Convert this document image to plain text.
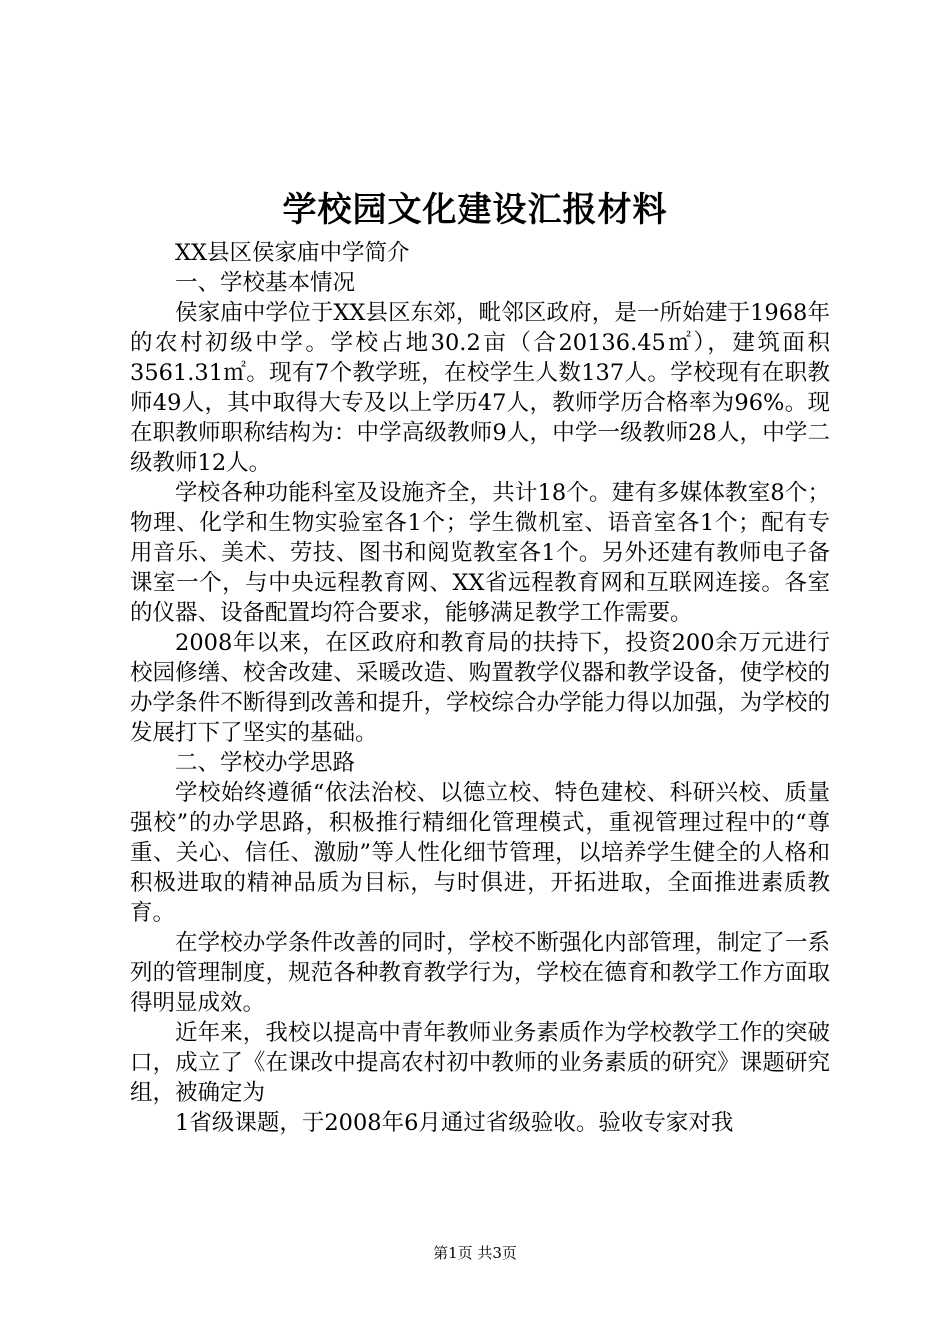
学校园文化建设汇报材料

XX县区侯家庙中学简介

一、学校基本情况

侯家庙中学位于XX县区东郊，毗邻区政府，是一所始建于1968年的农村初级中学。学校占地30.2亩（合20136.45㎡），建筑面积3561.31㎡。现有7个教学班，在校学生人数137人。学校现有在职教师49人，其中取得大专及以上学历47人，教师学历合格率为96%。现在职教师职称结构为：中学高级教师9人，中学一级教师28人，中学二级教师12人。

学校各种功能科室及设施齐全，共计18个。建有多媒体教室8个；物理、化学和生物实验室各1个；学生微机室、语音室各1个；配有专用音乐、美术、劳技、图书和阅览教室各1个。另外还建有教师电子备课室一个，与中央远程教育网、XX省远程教育网和互联网连接。各室的仪器、设备配置均符合要求，能够满足教学工作需要。

2008年以来，在区政府和教育局的扶持下，投资200余万元进行校园修缮、校舍改建、采暖改造、购置教学仪器和教学设备，使学校的办学条件不断得到改善和提升，学校综合办学能力得以加强，为学校的发展打下了坚实的基础。

二、学校办学思路

学校始终遵循“依法治校、以德立校、特色建校、科研兴校、质量强校”的办学思路，积极推行精细化管理模式，重视管理过程中的“尊重、关心、信任、激励”等人性化细节管理，以培养学生健全的人格和积极进取的精神品质为目标，与时俱进，开拓进取，全面推进素质教育。

在学校办学条件改善的同时，学校不断强化内部管理，制定了一系列的管理制度，规范各种教育教学行为，学校在德育和教学工作方面取得明显成效。

近年来，我校以提高中青年教师业务素质作为学校教学工作的突破口，成立了《在课改中提高农村初中教师的业务素质的研究》课题研究组，被确定为

1省级课题，于2008年6月通过省级验收。验收专家对我

第1页 共3页
